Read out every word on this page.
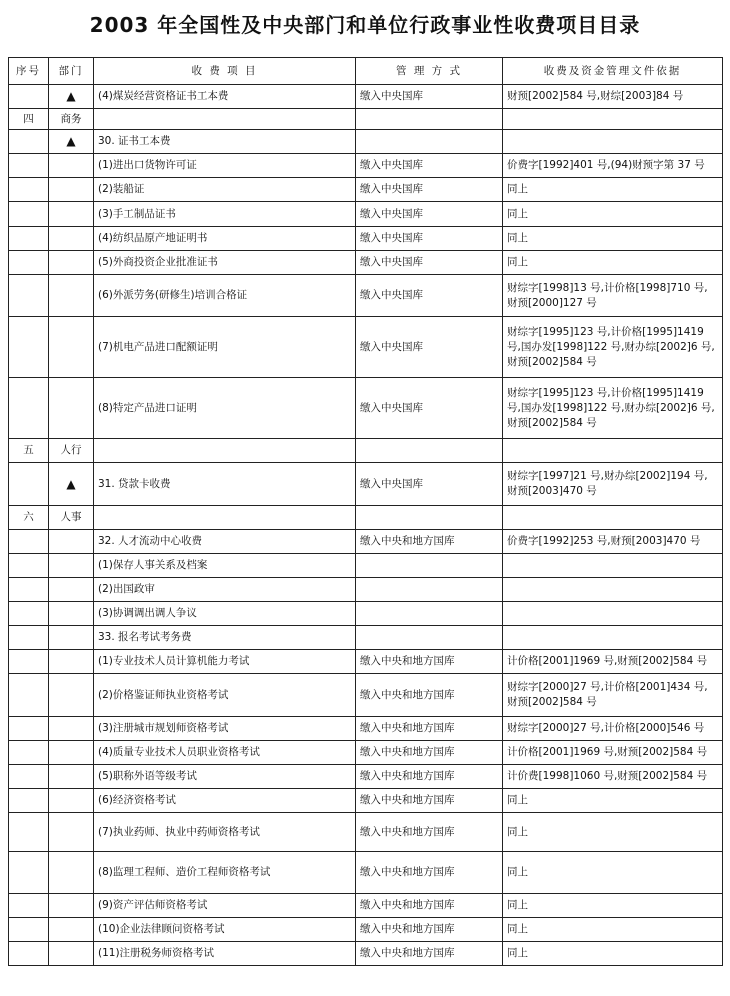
2003 年全国性及中央部门和单位行政事业性收费项目目录
序号	部门	收 费 项 目	管 理 方 式	收费及资金管理文件依据
	▲	(4)煤炭经营资格证书工本费	缴入中央国库	财预[2002]584 号,财综[2003]84 号
四	商务			
	▲	30. 证书工本费		
		(1)进出口货物许可证	缴入中央国库	价费字[1992]401 号,(94)财预字第 37 号
		(2)装船证	缴入中央国库	同上
		(3)手工制品证书	缴入中央国库	同上
		(4)纺织品原产地证明书	缴入中央国库	同上
		(5)外商投资企业批准证书	缴入中央国库	同上
		(6)外派劳务(研修生)培训合格证	缴入中央国库	财综字[1998]13 号,计价格[1998]710 号,财预[2000]127 号
		(7)机电产品进口配额证明	缴入中央国库	财综字[1995]123 号,计价格[1995]1419 号,国办发[1998]122 号,财办综[2002]6 号,财预[2002]584 号
		(8)特定产品进口证明	缴入中央国库	财综字[1995]123 号,计价格[1995]1419 号,国办发[1998]122 号,财办综[2002]6 号,财预[2002]584 号
五	人行			
	▲	31. 贷款卡收费	缴入中央国库	财综字[1997]21 号,财办综[2002]194 号,财预[2003]470 号
六	人事			
		32. 人才流动中心收费	缴入中央和地方国库	价费字[1992]253 号,财预[2003]470 号
		(1)保存人事关系及档案		
		(2)出国政审		
		(3)协调调出调人争议		
		33. 报名考试考务费		
		(1)专业技术人员计算机能力考试	缴入中央和地方国库	计价格[2001]1969 号,财预[2002]584 号
		(2)价格鉴证师执业资格考试	缴入中央和地方国库	财综字[2000]27 号,计价格[2001]434 号,财预[2002]584 号
		(3)注册城市规划师资格考试	缴入中央和地方国库	财综字[2000]27 号,计价格[2000]546 号
		(4)质量专业技术人员职业资格考试	缴入中央和地方国库	计价格[2001]1969 号,财预[2002]584 号
		(5)职称外语等级考试	缴入中央和地方国库	计价费[1998]1060 号,财预[2002]584 号
		(6)经济资格考试	缴入中央和地方国库	同上
		(7)执业药师、执业中药师资格考试	缴入中央和地方国库	同上
		(8)监理工程师、造价工程师资格考试	缴入中央和地方国库	同上
		(9)资产评估师资格考试	缴入中央和地方国库	同上
		(10)企业法律顾问资格考试	缴入中央和地方国库	同上
		(11)注册税务师资格考试	缴入中央和地方国库	同上
